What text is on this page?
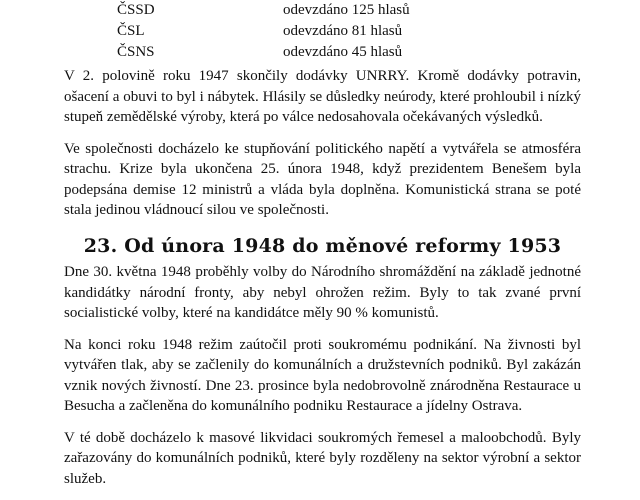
ČSSD	odevzdáno 125 hlasů
ČSL	odevzdáno 81 hlasů
ČSNS	odevzdáno 45 hlasů

V 2. polovině roku 1947 skončily dodávky UNRRY. Kromě dodávky potravin, ošacení a obuvi to byl i nábytek. Hlásily se důsledky neúrody, které prohloubil i nízký stupeň zemědělské výroby, která po válce nedosahovala očekávaných výsledků.

Ve společnosti docházelo ke stupňování politického napětí a vytvářela se atmosféra strachu. Krize byla ukončena 25. února 1948, když prezidentem Benešem byla podepsána demise 12 ministrů a vláda byla doplněna. Komunistická strana se poté stala jedinou vládnoucí silou ve společnosti.

23. Od února 1948 do měnové reformy 1953

Dne 30. května 1948 proběhly volby do Národního shromáždění na základě jednotné kandidátky národní fronty, aby nebyl ohrožen režim. Byly to tak zvané první socialistické volby, které na kandidátce měly 90 % komunistů.

Na konci roku 1948 režim zaútočil proti soukromému podnikání. Na živnosti byl vytvářen tlak, aby se začlenily do komunálních a družstevních podniků. Byl zakázán vznik nových živností. Dne 23. prosince byla nedobrovolně znárodněna Restaurace u Besucha a začleněna do komunálního podniku Restaurace a jídelny Ostrava.

V té době docházelo k masové likvidaci soukromých řemesel a maloobchodů. Byly zařazovány do komunálních podniků, které byly rozděleny na sektor výrobní a sektor služeb.
